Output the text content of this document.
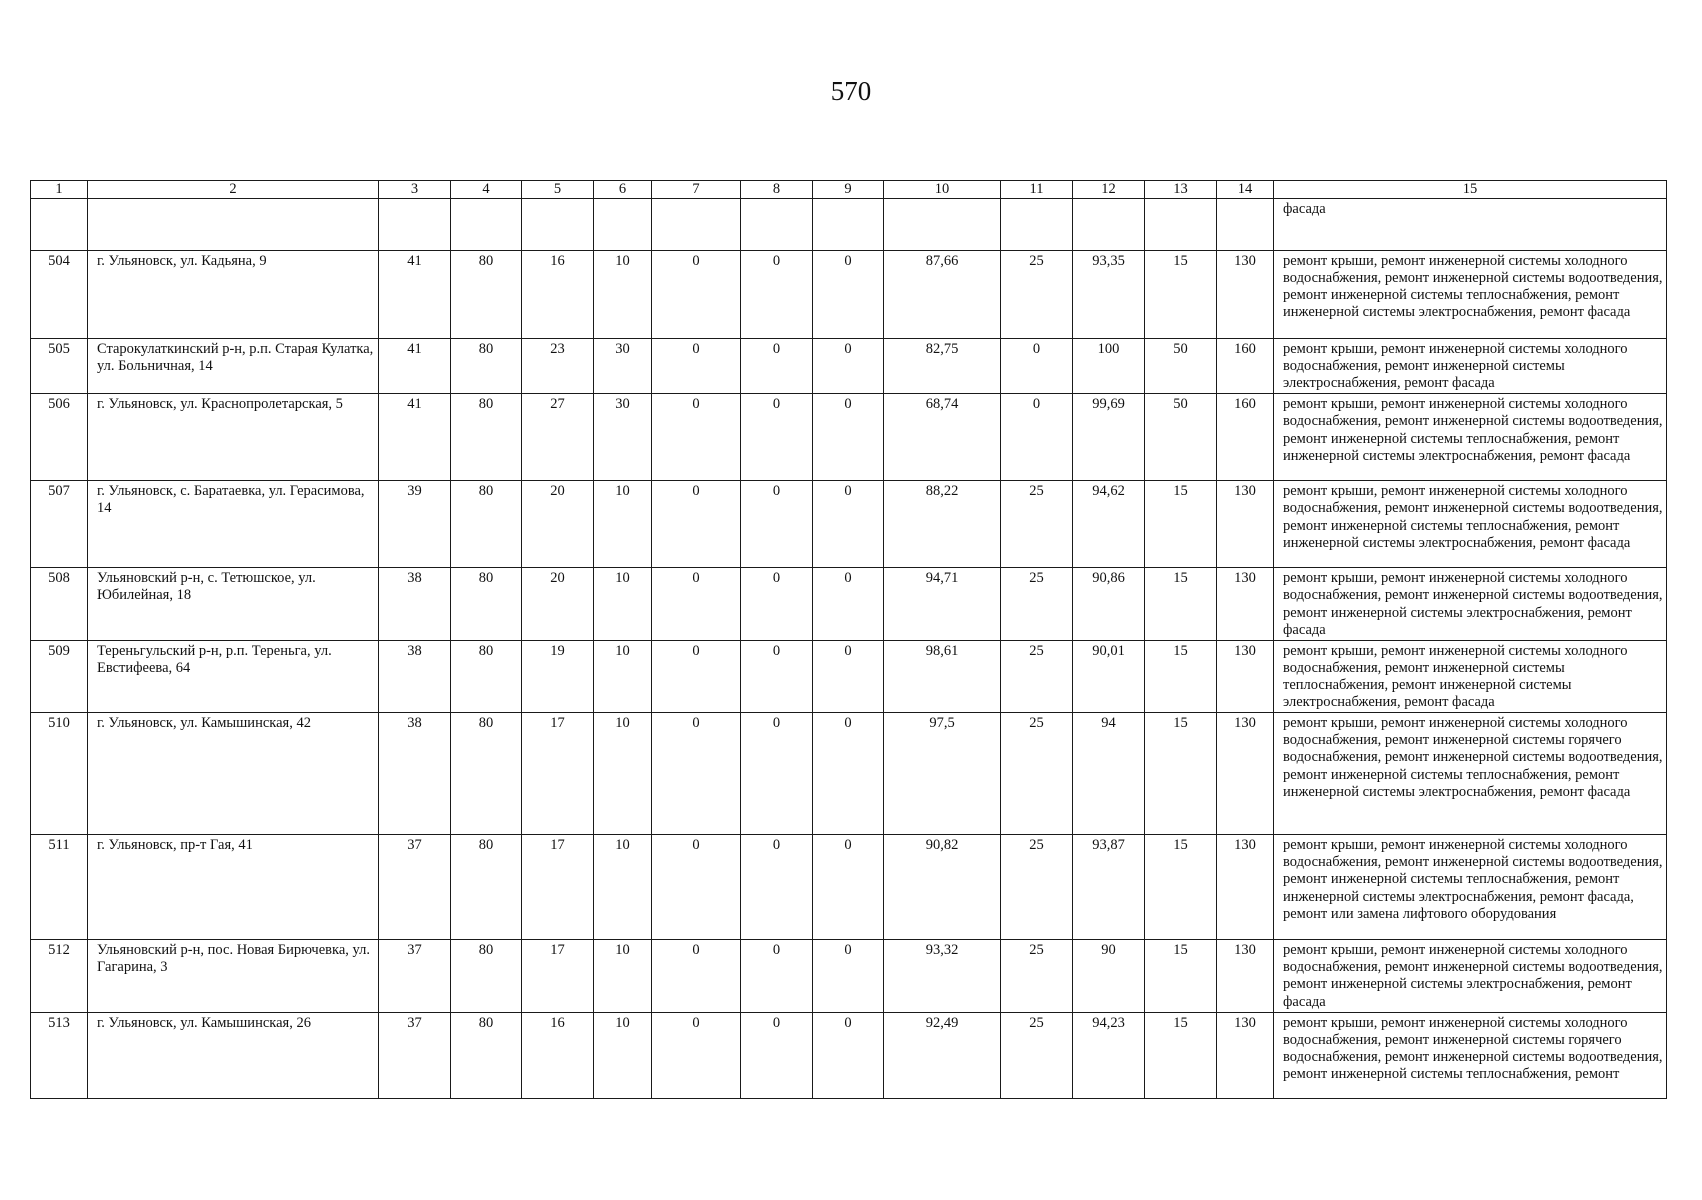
570
1	2	3	4	5	6	7	8	9	10	11	12	13	14	15
														фасада
504	г. Ульяновск, ул. Кадьяна, 9	41	80	16	10	0	0	0	87,66	25	93,35	15	130	ремонт крыши, ремонт инженерной системы холодного водоснабжения, ремонт инженерной системы водоотведения, ремонт инженерной системы теплоснабжения, ремонт инженерной системы электроснабжения, ремонт фасада
505	Старокулаткинский р-н, р.п. Старая Кулатка, ул. Больничная, 14	41	80	23	30	0	0	0	82,75	0	100	50	160	ремонт крыши, ремонт инженерной системы холодного водоснабжения, ремонт инженерной системы электроснабжения, ремонт фасада
506	г. Ульяновск, ул. Краснопролетарская, 5	41	80	27	30	0	0	0	68,74	0	99,69	50	160	ремонт крыши, ремонт инженерной системы холодного водоснабжения, ремонт инженерной системы водоотведения, ремонт инженерной системы теплоснабжения, ремонт инженерной системы электроснабжения, ремонт фасада
507	г. Ульяновск, с. Баратаевка, ул. Герасимова, 14	39	80	20	10	0	0	0	88,22	25	94,62	15	130	ремонт крыши, ремонт инженерной системы холодного водоснабжения, ремонт инженерной системы водоотведения, ремонт инженерной системы теплоснабжения, ремонт инженерной системы электроснабжения, ремонт фасада
508	Ульяновский р-н, с. Тетюшское, ул. Юбилейная, 18	38	80	20	10	0	0	0	94,71	25	90,86	15	130	ремонт крыши, ремонт инженерной системы холодного водоснабжения, ремонт инженерной системы водоотведения, ремонт инженерной системы электроснабжения, ремонт фасада
509	Тереньгульский р-н, р.п. Тереньга, ул. Евстифеева, 64	38	80	19	10	0	0	0	98,61	25	90,01	15	130	ремонт крыши, ремонт инженерной системы холодного водоснабжения, ремонт инженерной системы теплоснабжения, ремонт инженерной системы электроснабжения, ремонт фасада
510	г. Ульяновск, ул. Камышинская, 42	38	80	17	10	0	0	0	97,5	25	94	15	130	ремонт крыши, ремонт инженерной системы холодного водоснабжения, ремонт инженерной системы горячего водоснабжения, ремонт инженерной системы водоотведения, ремонт инженерной системы теплоснабжения, ремонт инженерной системы электроснабжения, ремонт фасада
511	г. Ульяновск, пр-т Гая, 41	37	80	17	10	0	0	0	90,82	25	93,87	15	130	ремонт крыши, ремонт инженерной системы холодного водоснабжения, ремонт инженерной системы водоотведения, ремонт инженерной системы теплоснабжения, ремонт инженерной системы электроснабжения, ремонт фасада, ремонт или замена лифтового оборудования
512	Ульяновский р-н, пос. Новая Бирючевка, ул. Гагарина, 3	37	80	17	10	0	0	0	93,32	25	90	15	130	ремонт крыши, ремонт инженерной системы холодного водоснабжения, ремонт инженерной системы водоотведения, ремонт инженерной системы электроснабжения, ремонт фасада
513	г. Ульяновск, ул. Камышинская, 26	37	80	16	10	0	0	0	92,49	25	94,23	15	130	ремонт крыши, ремонт инженерной системы холодного водоснабжения, ремонт инженерной системы горячего водоснабжения, ремонт инженерной системы водоотведения, ремонт инженерной системы теплоснабжения, ремонт
